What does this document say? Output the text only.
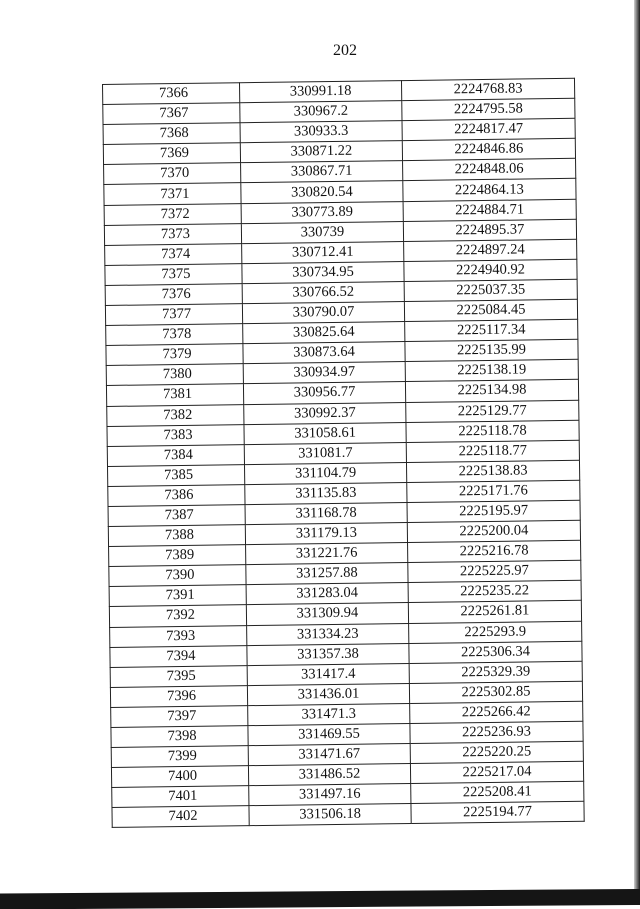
202
7366	330991.18	2224768.83
7367	330967.2	2224795.58
7368	330933.3	2224817.47
7369	330871.22	2224846.86
7370	330867.71	2224848.06
7371	330820.54	2224864.13
7372	330773.89	2224884.71
7373	330739	2224895.37
7374	330712.41	2224897.24
7375	330734.95	2224940.92
7376	330766.52	2225037.35
7377	330790.07	2225084.45
7378	330825.64	2225117.34
7379	330873.64	2225135.99
7380	330934.97	2225138.19
7381	330956.77	2225134.98
7382	330992.37	2225129.77
7383	331058.61	2225118.78
7384	331081.7	2225118.77
7385	331104.79	2225138.83
7386	331135.83	2225171.76
7387	331168.78	2225195.97
7388	331179.13	2225200.04
7389	331221.76	2225216.78
7390	331257.88	2225225.97
7391	331283.04	2225235.22
7392	331309.94	2225261.81
7393	331334.23	2225293.9
7394	331357.38	2225306.34
7395	331417.4	2225329.39
7396	331436.01	2225302.85
7397	331471.3	2225266.42
7398	331469.55	2225236.93
7399	331471.67	2225220.25
7400	331486.52	2225217.04
7401	331497.16	2225208.41
7402	331506.18	2225194.77
